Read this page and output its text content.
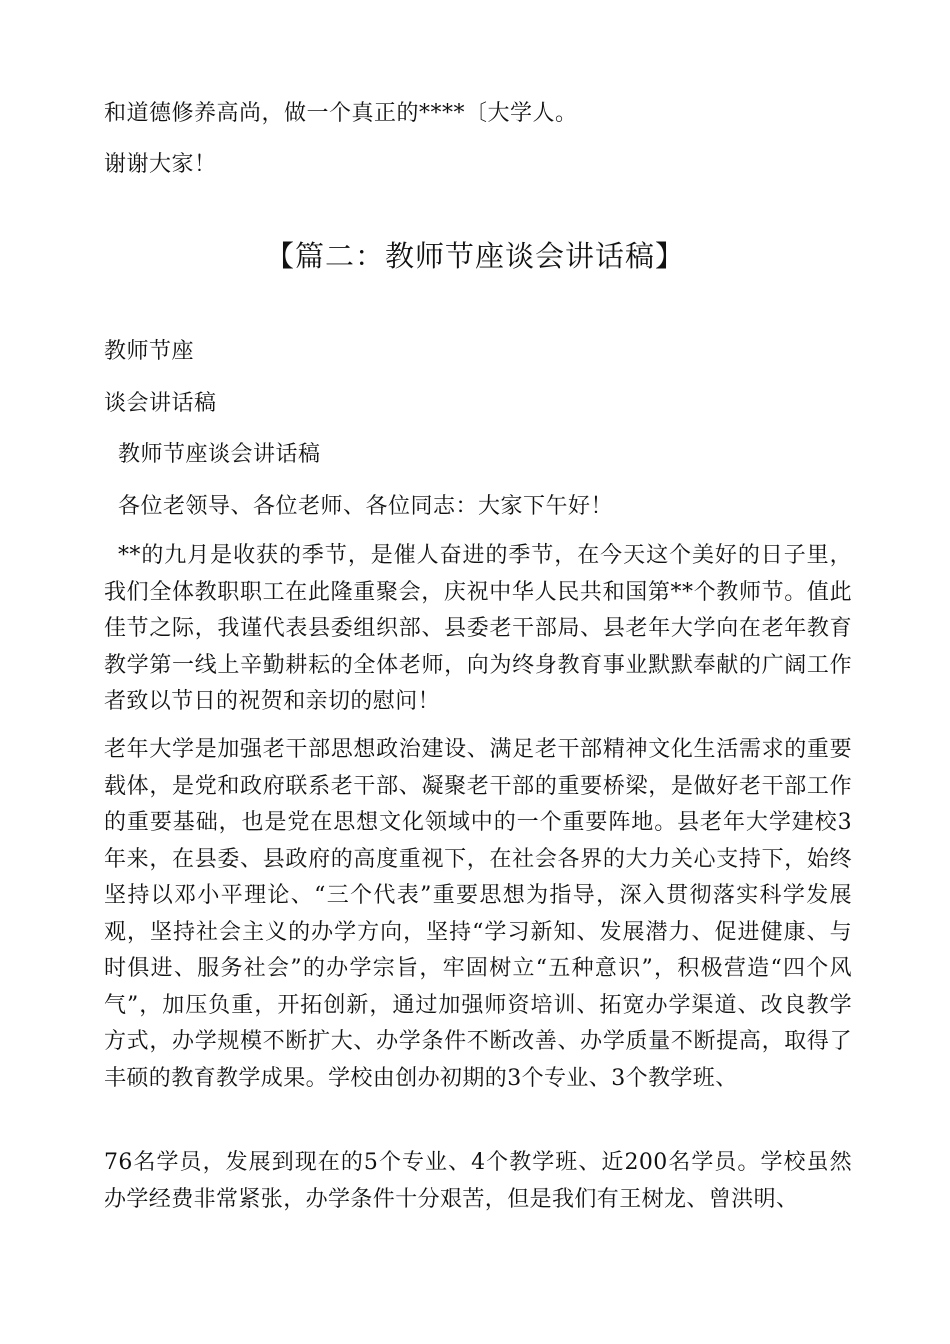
和道德修养高尚，做一个真正的****〔大学人。
谢谢大家！
【篇二：教师节座谈会讲话稿】
教师节座
谈会讲话稿
教师节座谈会讲话稿
各位老领导、各位老师、各位同志：大家下午好！
**的九月是收获的季节，是催人奋进的季节，在今天这个美好的日子里，我们全体教职职工在此隆重聚会，庆祝中华人民共和国第**个教师节。值此佳节之际，我谨代表县委组织部、县委老干部局、县老年大学向在老年教育教学第一线上辛勤耕耘的全体老师，向为终身教育事业默默奉献的广阔工作者致以节日的祝贺和亲切的慰问！
老年大学是加强老干部思想政治建设、满足老干部精神文化生活需求的重要载体，是党和政府联系老干部、凝聚老干部的重要桥梁，是做好老干部工作的重要基础，也是党在思想文化领域中的一个重要阵地。县老年大学建校3年来，在县委、县政府的高度重视下，在社会各界的大力关心支持下，始终坚持以邓小平理论、“三个代表”重要思想为指导，深入贯彻落实科学发展观，坚持社会主义的办学方向，坚持“学习新知、发展潜力、促进健康、与时俱进、服务社会”的办学宗旨，牢固树立“五种意识”，积极营造“四个风气”，加压负重，开拓创新，通过加强师资培训、拓宽办学渠道、改良教学方式，办学规模不断扩大、办学条件不断改善、办学质量不断提高，取得了丰硕的教育教学成果。学校由创办初期的3个专业、3个教学班、
76名学员，发展到现在的5个专业、4个教学班、近200名学员。学校虽然办学经费非常紧张，办学条件十分艰苦，但是我们有王树龙、曾洪明、
